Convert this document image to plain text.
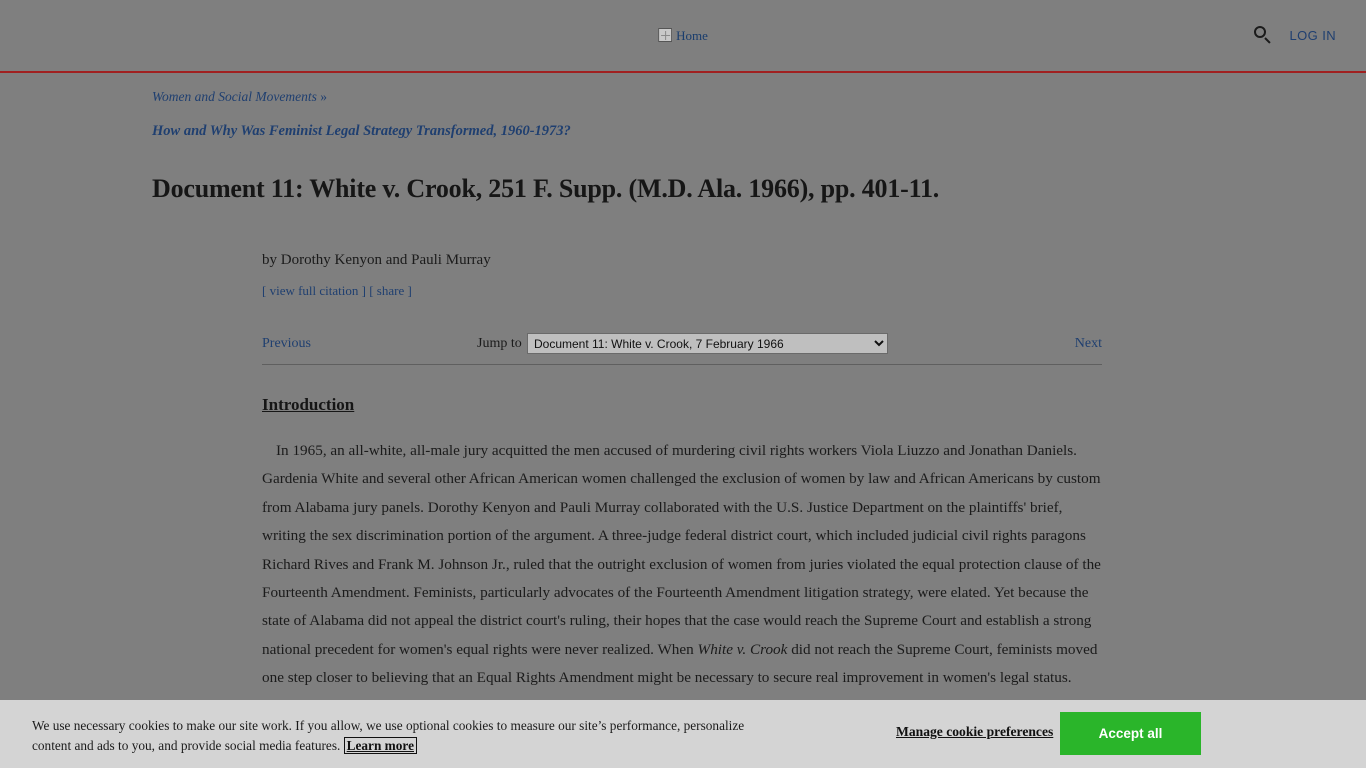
Home	LOG IN
Women and Social Movements »
How and Why Was Feminist Legal Strategy Transformed, 1960-1973?
Document 11: White v. Crook, 251 F. Supp. (M.D. Ala. 1966), pp. 401-11.
by Dorothy Kenyon and Pauli Murray
[ view full citation ] [ share ]
Previous	Jump to
Document 11: White v. Crook, 7 February 1966	Next
Introduction

In 1965, an all-white, all-male jury acquitted the men accused of murdering civil rights workers Viola Liuzzo and Jonathan Daniels. Gardenia White and several other African American women challenged the exclusion of women by law and African Americans by custom from Alabama jury panels. Dorothy Kenyon and Pauli Murray collaborated with the U.S. Justice Department on the plaintiffs' brief, writing the sex discrimination portion of the argument. A three-judge federal district court, which included judicial civil rights paragons Richard Rives and Frank M. Johnson Jr., ruled that the outright exclusion of women from juries violated the equal protection clause of the Fourteenth Amendment. Feminists, particularly advocates of the Fourteenth Amendment litigation strategy, were elated. Yet because the state of Alabama did not appeal the district court's ruling, their hopes that the case would reach the Supreme Court and establish a strong national precedent for women's equal rights were never realized. When White v. Crook did not reach the Supreme Court, feminists moved one step closer to believing that an Equal Rights Amendment might be necessary to secure real improvement in women's legal status.

We use necessary cookies to make our site work. If you allow, we use optional cookies to measure our site’s performance, personalize content and ads to you, and provide social media features. Learn more
Manage cookie preferences	Accept all
